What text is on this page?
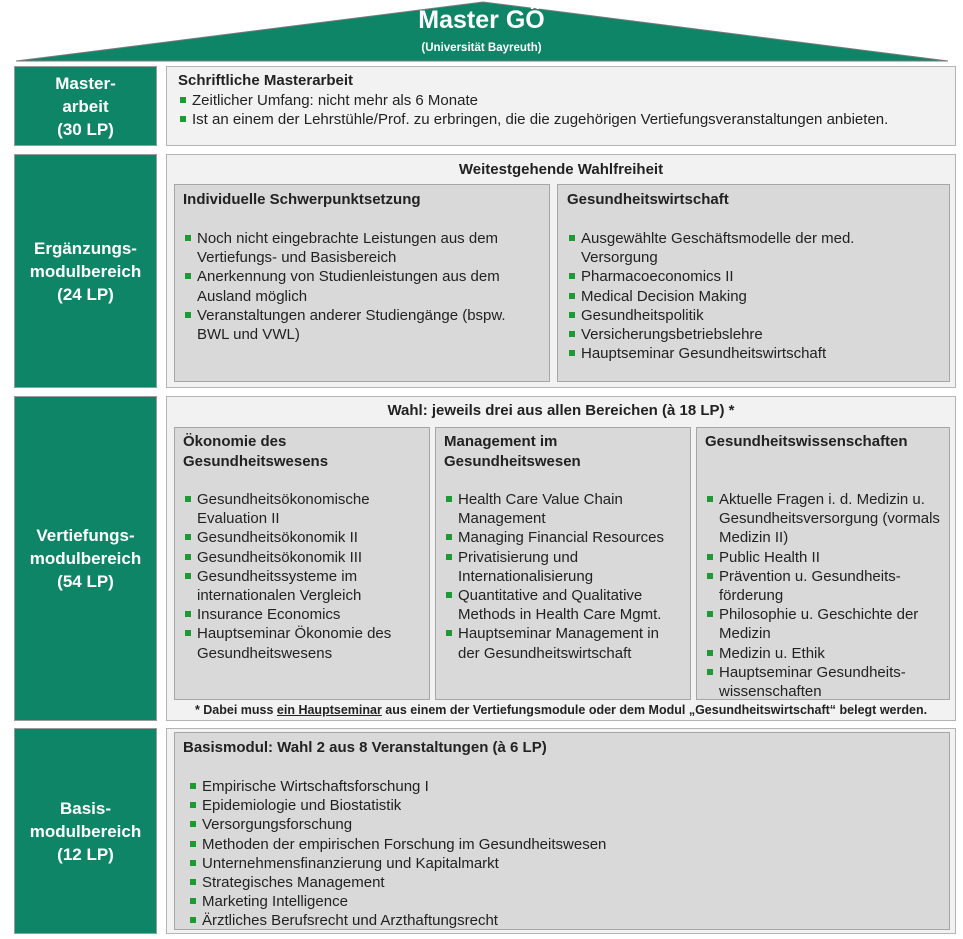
Master GÖ
(Universität Bayreuth)
Master-
arbeit
(30 LP)
Schriftliche Masterarbeit
Zeitlicher Umfang: nicht mehr als 6 Monate
Ist an einem der Lehrstühle/Prof. zu erbringen, die die zugehörigen Vertiefungsveranstaltungen anbieten.
Ergänzungs-
modulbereich
(24 LP)
Weitestgehende Wahlfreiheit
Individuelle Schwerpunktsetzung
Noch nicht eingebrachte Leistungen aus dem Vertiefungs- und Basisbereich
Anerkennung von Studienleistungen aus dem Ausland möglich
Veranstaltungen anderer Studiengänge (bspw. BWL und VWL)
Gesundheitswirtschaft
Ausgewählte Geschäftsmodelle der med. Versorgung
Pharmacoeconomics II
Medical Decision Making
Gesundheitspolitik
Versicherungsbetriebslehre
Hauptseminar Gesundheitswirtschaft
Vertiefungs-
modulbereich
(54 LP)
Wahl: jeweils drei aus allen Bereichen (à 18 LP) *
Ökonomie des Gesundheitswesens
Gesundheitsökonomische Evaluation II
Gesundheitsökonomik II
Gesundheitsökonomik III
Gesundheitssysteme im internationalen Vergleich
Insurance Economics
Hauptseminar Ökonomie des Gesundheitswesens
Management im Gesundheitswesen
Health Care Value Chain Management
Managing Financial Resources
Privatisierung und Internationalisierung
Quantitative and Qualitative Methods in Health Care Mgmt.
Hauptseminar Management in der Gesundheitswirtschaft
Gesundheitswissenschaften
Aktuelle Fragen i. d. Medizin u. Gesundheitsversorgung (vormals Medizin II)
Public Health II
Prävention u. Gesundheits-förderung
Philosophie u. Geschichte der Medizin
Medizin u. Ethik
Hauptseminar Gesundheits-wissenschaften
* Dabei muss ein Hauptseminar aus einem der Vertiefungsmodule oder dem Modul „Gesundheitswirtschaft“ belegt werden.
Basis-
modulbereich
(12 LP)
Basismodul: Wahl 2 aus 8 Veranstaltungen (à 6 LP)
Empirische Wirtschaftsforschung I
Epidemiologie und Biostatistik
Versorgungsforschung
Methoden der empirischen Forschung im Gesundheitswesen
Unternehmensfinanzierung und Kapitalmarkt
Strategisches Management
Marketing Intelligence
Ärztliches Berufsrecht und Arzthaftungsrecht
